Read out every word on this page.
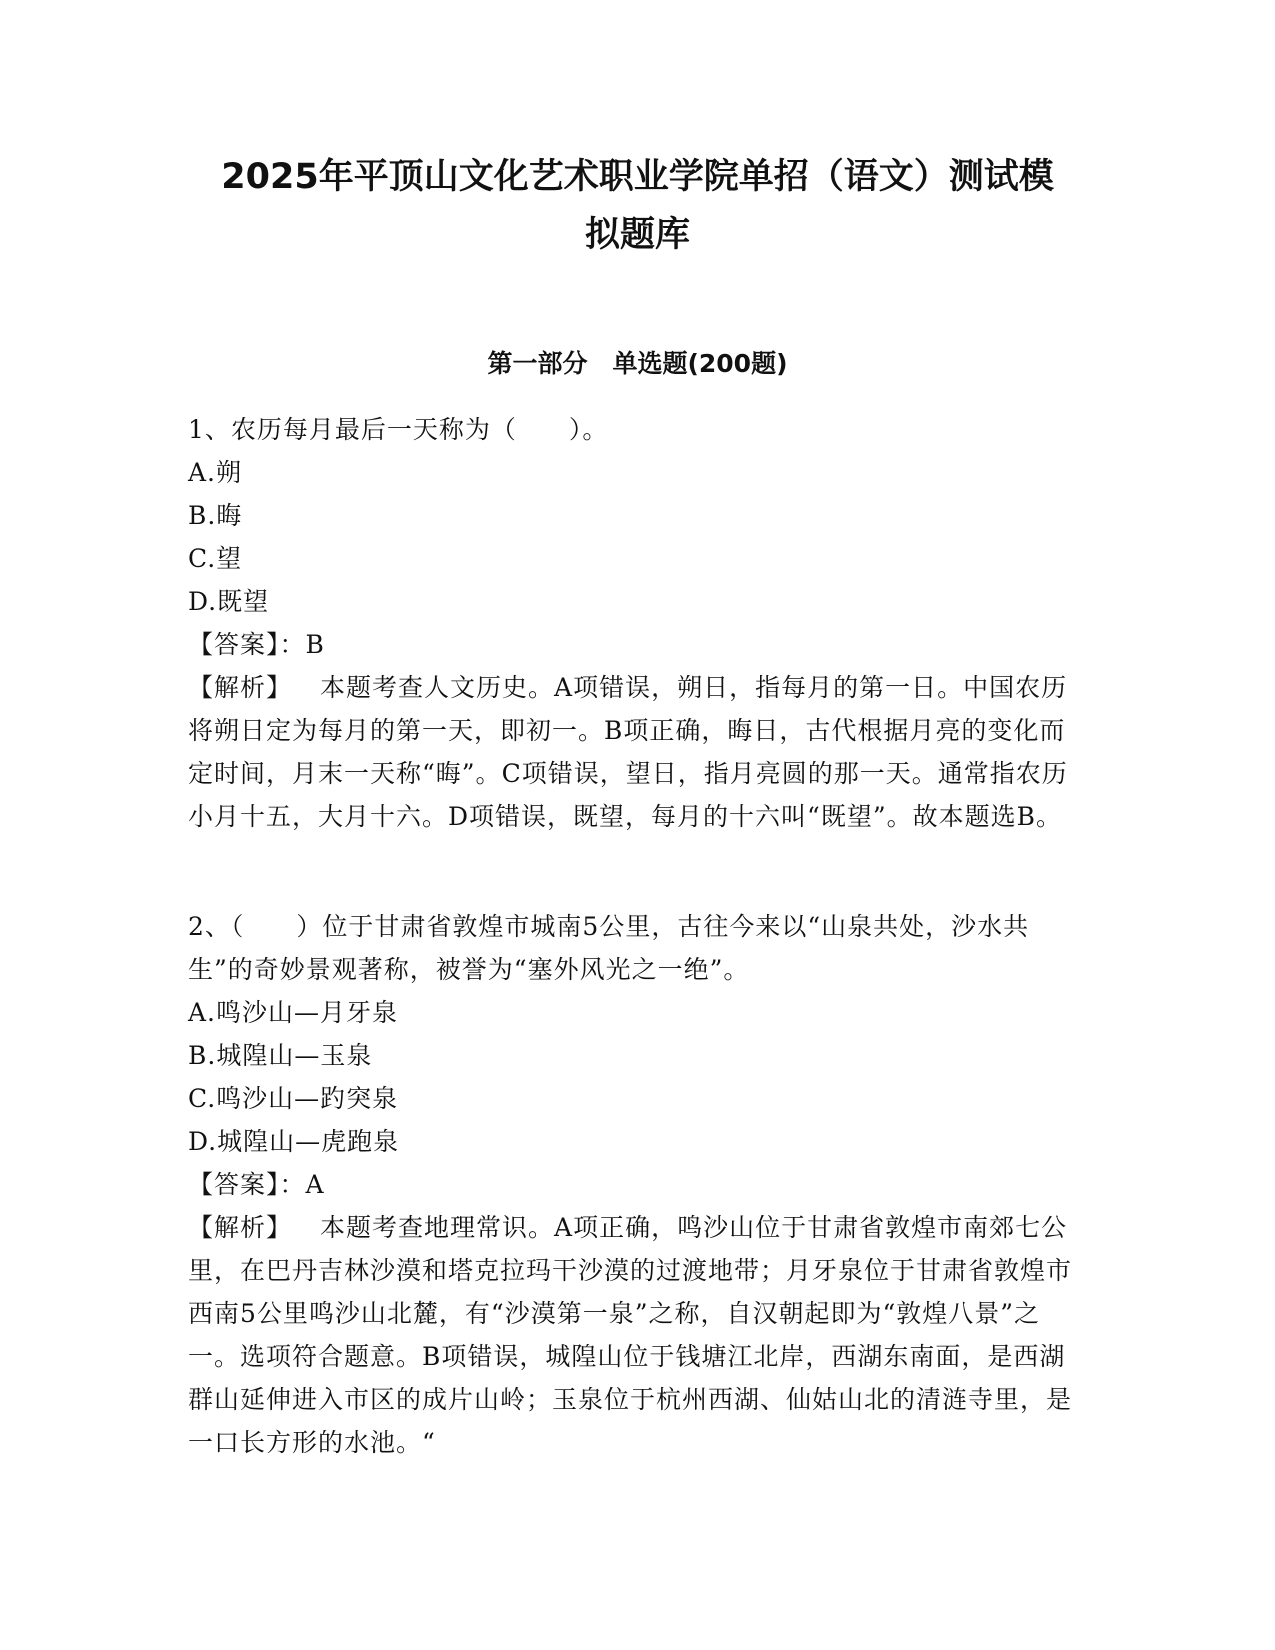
2025年平顶山文化艺术职业学院单招（语文）测试模
拟题库
第一部分　单选题(200题)

1、农历每月最后一天称为（　　）。

A.朔

B.晦

C.望

D.既望

【答案】：B

【解析】 本题考查人文历史。A项错误，朔日，指每月的第一日。中国农历将朔日定为每月的第一天，即初一。B项正确，晦日，古代根据月亮的变化而定时间，月末一天称“晦”。C项错误，望日，指月亮圆的那一天。通常指农历小月十五，大月十六。D项错误，既望，每月的十六叫“既望”。故本题选B。

2、（　　）位于甘肃省敦煌市城南5公里，古往今来以“山泉共处，沙水共生”的奇妙景观著称，被誉为“塞外风光之一绝”。

A.鸣沙山—月牙泉

B.城隍山—玉泉

C.鸣沙山—趵突泉

D.城隍山—虎跑泉

【答案】：A

【解析】 本题考查地理常识。A项正确，鸣沙山位于甘肃省敦煌市南郊七公里，在巴丹吉林沙漠和塔克拉玛干沙漠的过渡地带；月牙泉位于甘肃省敦煌市西南5公里鸣沙山北麓，有“沙漠第一泉”之称，自汉朝起即为“敦煌八景”之一。选项符合题意。B项错误，城隍山位于钱塘江北岸，西湖东南面，是西湖群山延伸进入市区的成片山岭；玉泉位于杭州西湖、仙姑山北的清涟寺里，是一口长方形的水池。“
